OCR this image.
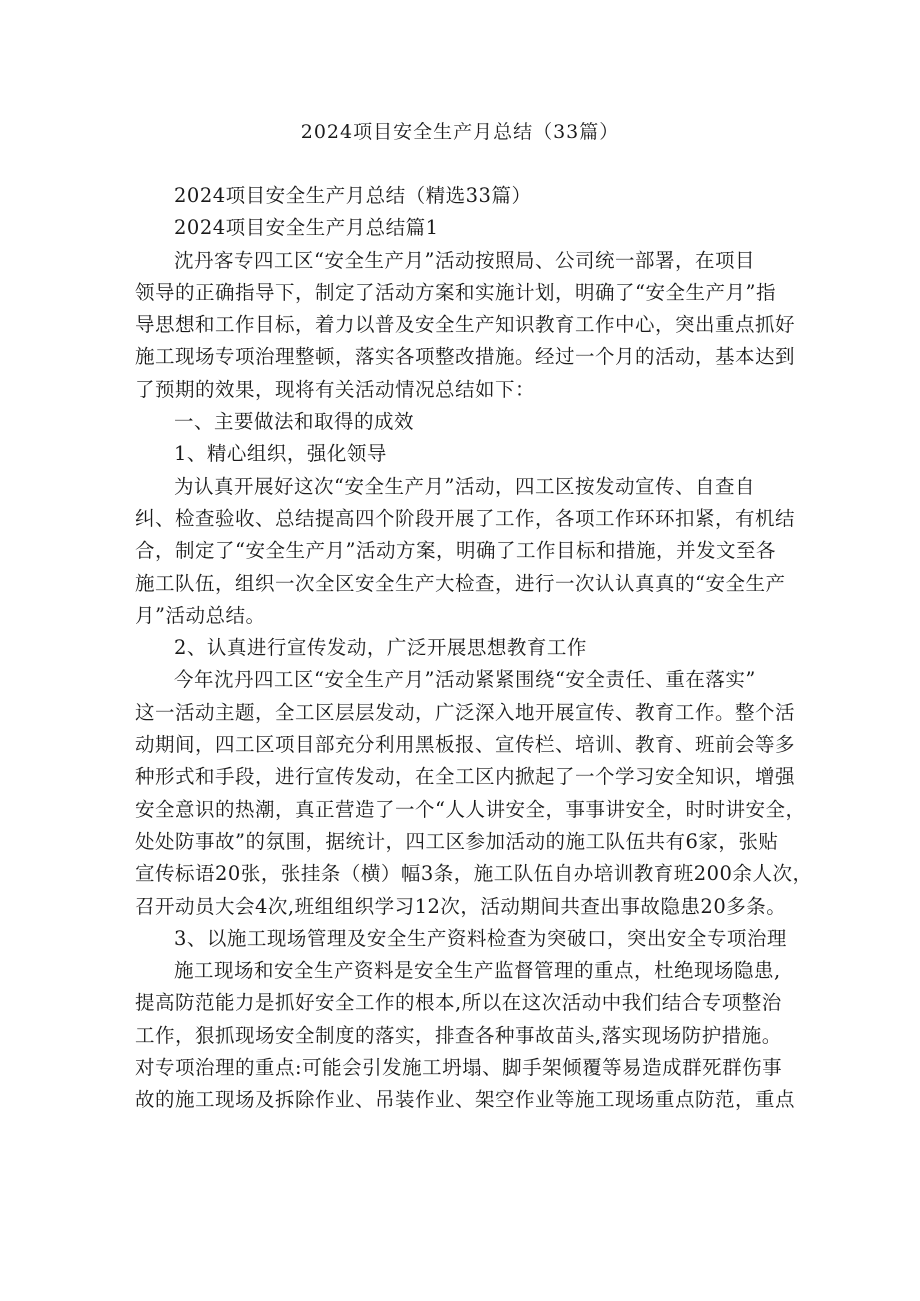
2024项目安全生产月总结（33篇）
2024项目安全生产月总结（精选33篇）
2024项目安全生产月总结篇1
沈丹客专四工区“安全生产月”活动按照局、公司统一部署，在项目
领导的正确指导下，制定了活动方案和实施计划，明确了“安全生产月”指
导思想和工作目标，着力以普及安全生产知识教育工作中心，突出重点抓好
施工现场专项治理整顿，落实各项整改措施。经过一个月的活动，基本达到
了预期的效果，现将有关活动情况总结如下：
一、主要做法和取得的成效
1、精心组织，强化领导
为认真开展好这次“安全生产月”活动，四工区按发动宣传、自查自
纠、检查验收、总结提高四个阶段开展了工作，各项工作环环扣紧，有机结
合，制定了“安全生产月”活动方案，明确了工作目标和措施，并发文至各
施工队伍，组织一次全区安全生产大检查，进行一次认认真真的“安全生产
月”活动总结。
2、认真进行宣传发动，广泛开展思想教育工作
今年沈丹四工区“安全生产月”活动紧紧围绕“安全责任、重在落实”
这一活动主题，全工区层层发动，广泛深入地开展宣传、教育工作。整个活
动期间，四工区项目部充分利用黑板报、宣传栏、培训、教育、班前会等多
种形式和手段，进行宣传发动，在全工区内掀起了一个学习安全知识，增强
安全意识的热潮，真正营造了一个“人人讲安全，事事讲安全，时时讲安全，
处处防事故”的氛围，据统计，四工区参加活动的施工队伍共有6家，张贴
宣传标语20张，张挂条（横）幅3条，施工队伍自办培训教育班200余人次，
召开动员大会4次,班组组织学习12次，活动期间共查出事故隐患20多条。
3、以施工现场管理及安全生产资料检查为突破口，突出安全专项治理
施工现场和安全生产资料是安全生产监督管理的重点，杜绝现场隐患,
提高防范能力是抓好安全工作的根本,所以在这次活动中我们结合专项整治
工作，狠抓现场安全制度的落实，排查各种事故苗头,落实现场防护措施。
对专项治理的重点:可能会引发施工坍塌、脚手架倾覆等易造成群死群伤事
故的施工现场及拆除作业、吊装作业、架空作业等施工现场重点防范，重点
